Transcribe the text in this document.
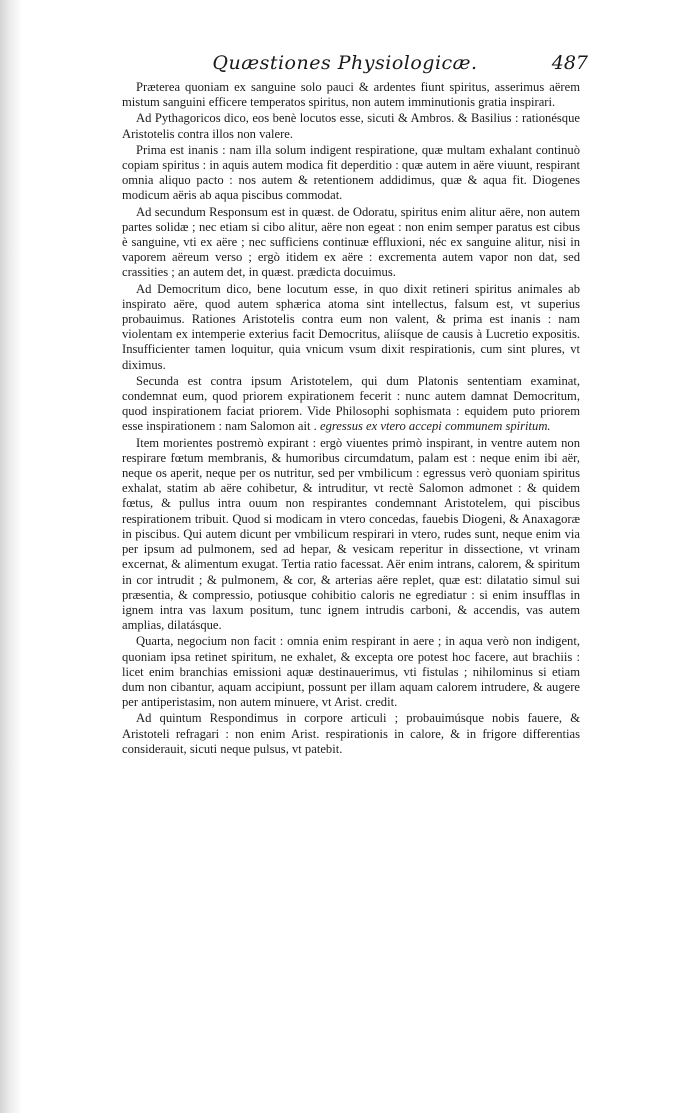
Quæstiones Physiologicæ.	487

Præterea quoniam ex sanguine solo pauci & ardentes fiunt spiritus, asserimus aërem mistum sanguini efficere temperatos spiritus, non autem imminutionis gratia inspirari.

Ad Pythagoricos dico, eos benè locutos esse, sicuti & Ambros. & Basilius : rationésque Aristotelis contra illos non valere.

Prima est inanis : nam illa solum indigent respiratione, quæ multam exhalant continuò copiam spiritus : in aquis autem modica fit deperditio : quæ autem in aëre viuunt, respirant omnia aliquo pacto : nos autem & retentionem addidimus, quæ & aqua fit. Diogenes modicum aëris ab aqua piscibus commodat.

Ad secundum Responsum est in quæst. de Odoratu, spiritus enim alitur aëre, non autem partes solidæ ; nec etiam si cibo alitur, aëre non egeat : non enim semper paratus est cibus è sanguine, vti ex aëre ; nec sufficiens continuæ effluxioni, néc ex sanguine alitur, nisi in vaporem aëreum verso ; ergò itidem ex aëre : excrementa autem vapor non dat, sed crassities ; an autem det, in quæst. prædicta docuimus.

Ad Democritum dico, bene locutum esse, in quo dixit retineri spiritus animales ab inspirato aëre, quod autem sphærica atoma sint intellectus, falsum est, vt superius probauimus. Rationes Aristotelis contra eum non valent, & prima est inanis : nam violentam ex intemperie exterius facit Democritus, aliísque de causis à Lucretio expositis. Insufficienter tamen loquitur, quia vnicum vsum dixit respirationis, cum sint plures, vt diximus.

Secunda est contra ipsum Aristotelem, qui dum Platonis sententiam examinat, condemnat eum, quod priorem expirationem fecerit : nunc autem damnat Democritum, quod inspirationem faciat priorem. Vide Philosophi sophismata : equidem puto priorem esse inspirationem : nam Salomon ait . egressus ex vtero accepi communem spiritum.

Item morientes postremò expirant : ergò viuentes primò inspirant, in ventre autem non respirare fœtum membranis, & humoribus circumdatum, palam est : neque enim ibi aër, neque os aperit, neque per os nutritur, sed per vmbilicum : egressus verò quoniam spiritus exhalat, statim ab aëre cohibetur, & intruditur, vt rectè Salomon admonet : & quidem fœtus, & pullus intra ouum non respirantes condemnant Aristotelem, qui piscibus respirationem tribuit. Quod si modicam in vtero concedas, fauebis Diogeni, & Anaxagoræ in piscibus. Qui autem dicunt per vmbilicum respirari in vtero, rudes sunt, neque enim via per ipsum ad pulmonem, sed ad hepar, & vesicam reperitur in dissectione, vt vrinam excernat, & alimentum exugat. Tertia ratio facessat. Aër enim intrans, calorem, & spiritum in cor intrudit ; & pulmonem, & cor, & arterias aëre replet, quæ est: dilatatio simul sui præsentia, & compressio, potiusque cohibitio caloris ne egrediatur : si enim insufflas in ignem intra vas laxum positum, tunc ignem intrudis carboni, & accendis, vas autem amplias, dilatásque.

Quarta, negocium non facit : omnia enim respirant in aere ; in aqua verò non indigent, quoniam ipsa retinet spiritum, ne exhalet, & excepta ore potest hoc facere, aut brachiis : licet enim branchias emissioni aquæ destinauerimus, vti fistulas ; nihilominus si etiam dum non cibantur, aquam accipiunt, possunt per illam aquam calorem intrudere, & augere per antiperistasim, non autem minuere, vt Arist. credit.

Ad quintum Respondimus in corpore articuli ; probauimúsque nobis fauere, & Aristoteli refragari : non enim Arist. respirationis in calore, & in frigore differentias considerauit, sicuti neque pulsus, vt patebit.
